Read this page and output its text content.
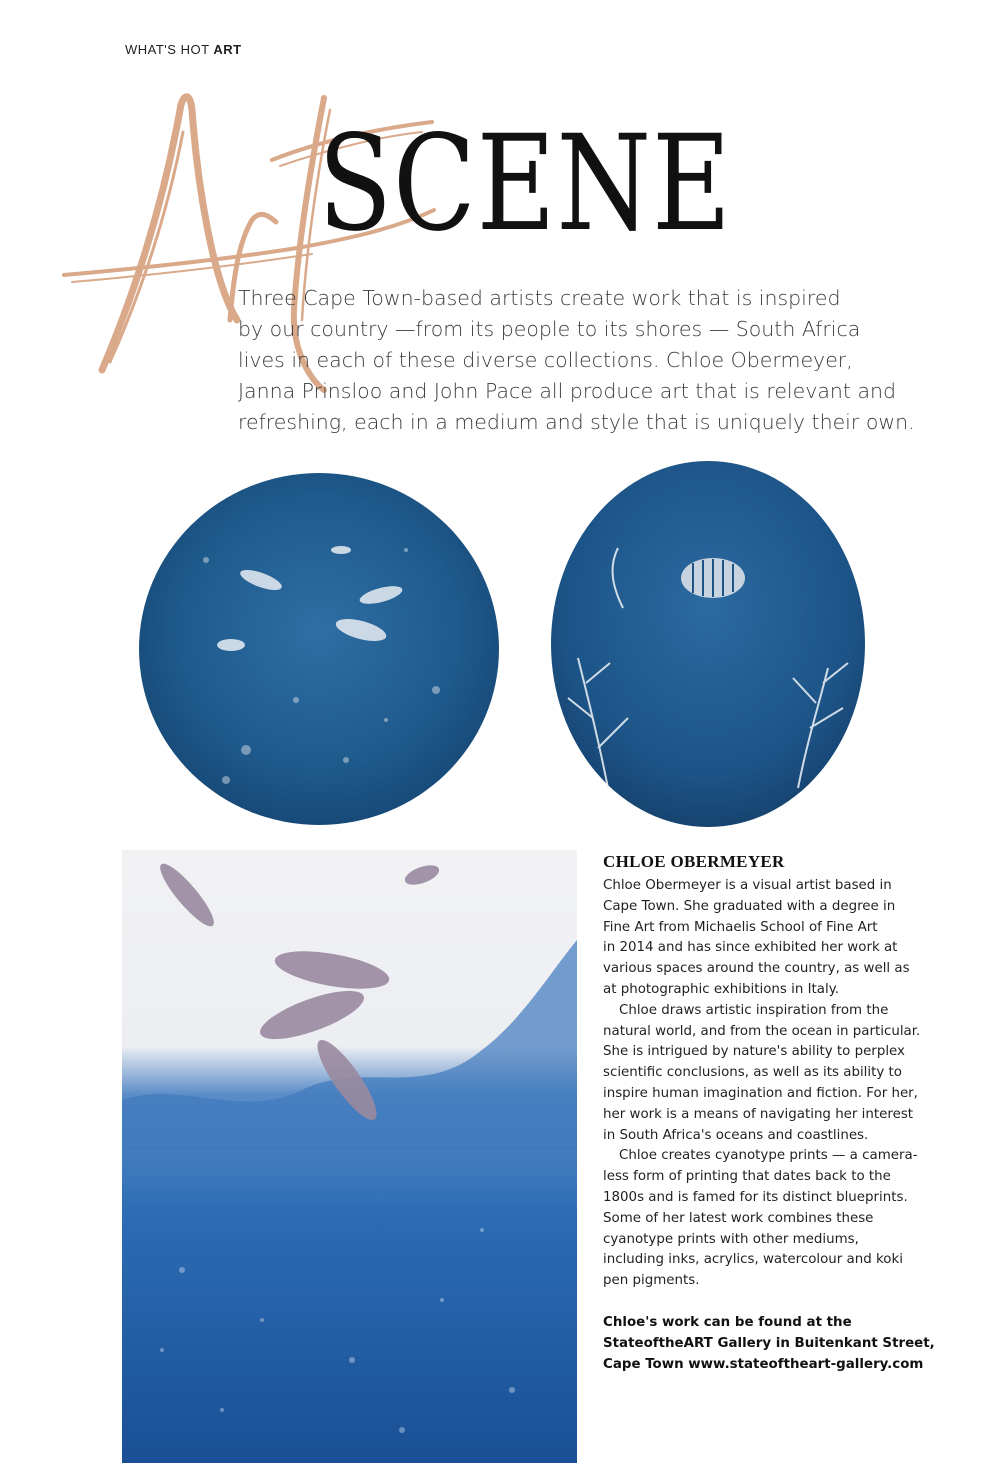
WHAT'S HOT ART
SCENE
Three Cape Town-based artists create work that is inspired
by our country —from its people to its shores — South Africa
lives in each of these diverse collections. Chloe Obermeyer,
Janna Prinsloo and John Pace all produce art that is relevant and
refreshing, each in a medium and style that is uniquely their own.
CHLOE OBERMEYER
Chloe Obermeyer is a visual artist based in
Cape Town. She graduated with a degree in
Fine Art from Michaelis School of Fine Art
in 2014 and has since exhibited her work at
various spaces around the country, as well as
at photographic exhibitions in Italy.
Chloe draws artistic inspiration from the
natural world, and from the ocean in particular.
She is intrigued by nature's ability to perplex
scientific conclusions, as well as its ability to
inspire human imagination and fiction. For her,
her work is a means of navigating her interest
in South Africa's oceans and coastlines.
Chloe creates cyanotype prints — a camera-
less form of printing that dates back to the
1800s and is famed for its distinct blueprints.
Some of her latest work combines these
cyanotype prints with other mediums,
including inks, acrylics, watercolour and koki
pen pigments.
Chloe's work can be found at the
StateoftheART Gallery in Buitenkant Street,
Cape Town www.stateoftheart-gallery.com
